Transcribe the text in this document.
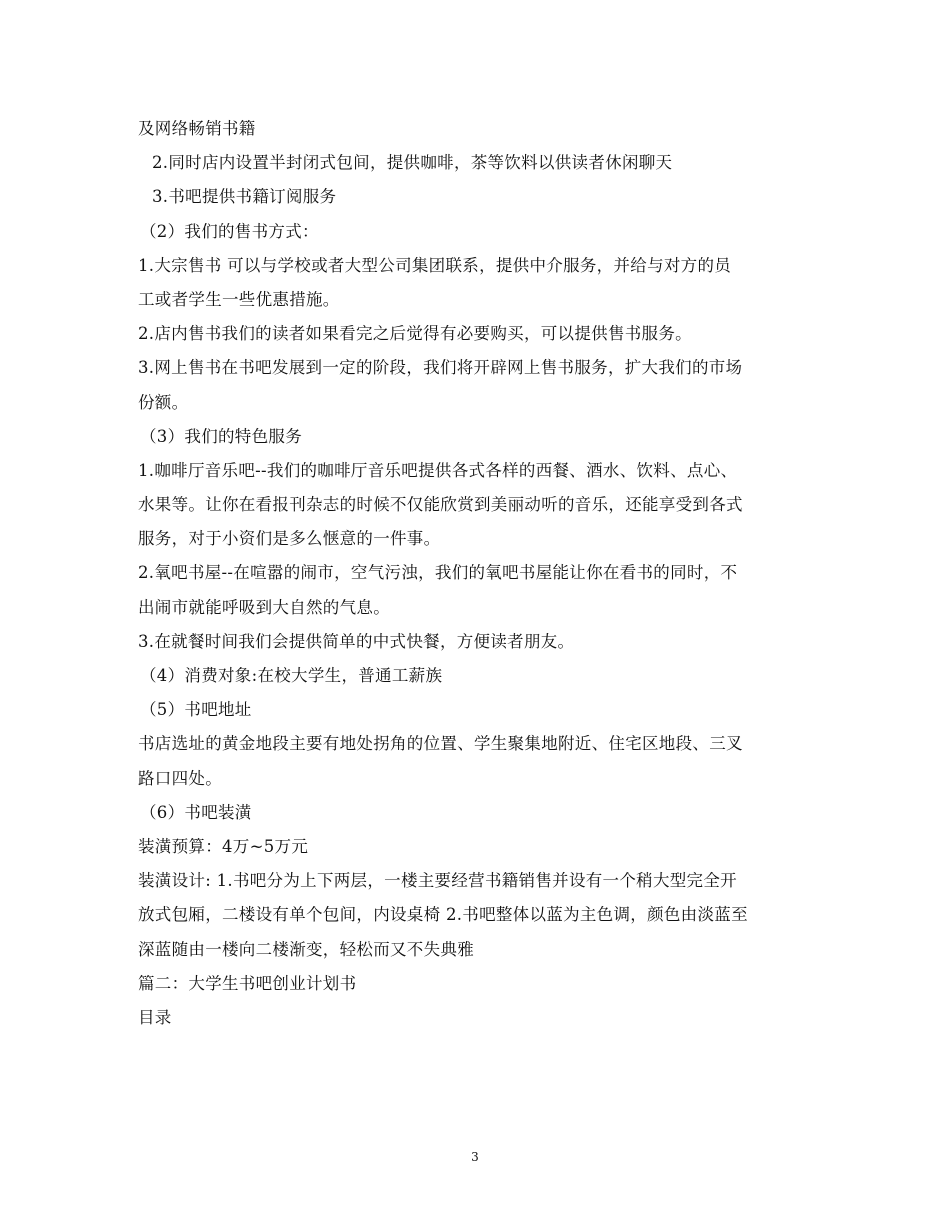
及网络畅销书籍
2.同时店内设置半封闭式包间，提供咖啡，茶等饮料以供读者休闲聊天
3.书吧提供书籍订阅服务
（2）我们的售书方式：
1.大宗售书 可以与学校或者大型公司集团联系，提供中介服务，并给与对方的员
工或者学生一些优惠措施。
2.店内售书我们的读者如果看完之后觉得有必要购买，可以提供售书服务。
3.网上售书在书吧发展到一定的阶段，我们将开辟网上售书服务，扩大我们的市场
份额。
（3）我们的特色服务
1.咖啡厅音乐吧--我们的咖啡厅音乐吧提供各式各样的西餐、酒水、饮料、点心、
水果等。让你在看报刊杂志的时候不仅能欣赏到美丽动听的音乐，还能享受到各式
服务，对于小资们是多么惬意的一件事。
2.氧吧书屋--在喧嚣的闹市，空气污浊，我们的氧吧书屋能让你在看书的同时，不
出闹市就能呼吸到大自然的气息。
3.在就餐时间我们会提供简单的中式快餐，方便读者朋友。
（4）消费对象:在校大学生，普通工薪族
（5）书吧地址
书店选址的黄金地段主要有地处拐角的位置、学生聚集地附近、住宅区地段、三叉
路口四处。
（6）书吧装潢
装潢预算：4万~5万元
装潢设计: 1.书吧分为上下两层，一楼主要经营书籍销售并设有一个稍大型完全开
放式包厢，二楼设有单个包间，内设桌椅 2.书吧整体以蓝为主色调，颜色由淡蓝至
深蓝随由一楼向二楼渐变，轻松而又不失典雅
篇二：大学生书吧创业计划书
目录
3
